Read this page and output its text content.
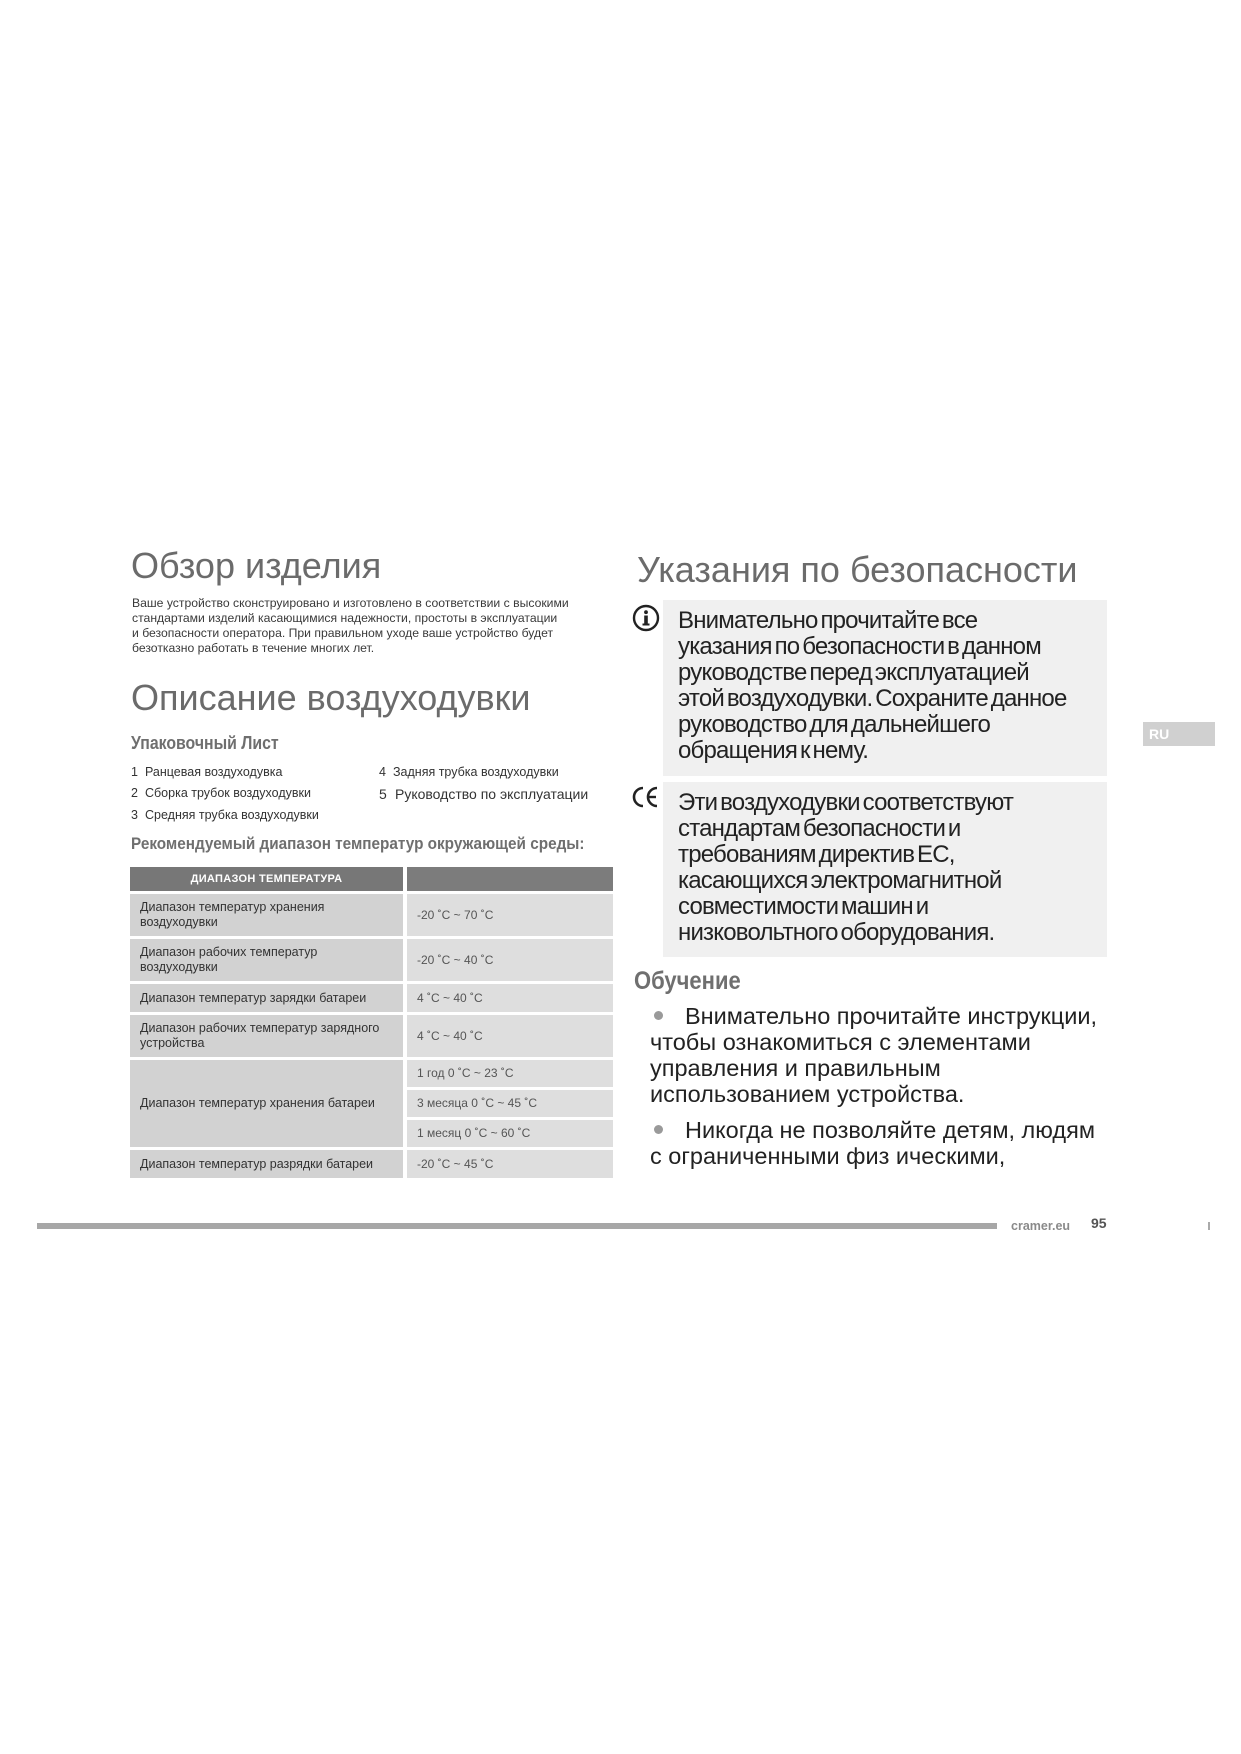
Обзор изделия
Ваше устройство сконструировано и изготовлено в соответствии с высокими
стандартами изделий касающимися надежности, простоты в эксплуатации
и безопасности оператора. При правильном уходе ваше устройство будет
безотказно работать в течение многих лет.
Описание воздуходувки
Упаковочный Лист
1 Ранцевая воздуходувка
2 Сборка трубок воздуходувки
3 Средняя трубка воздуходувки
4 Задняя трубка воздуходувки
5 Руководство по эксплуатации
Рекомендуемый диапазон температур окружающей среды:
ДИАПАЗОН ТЕМПЕРАТУРА	
Диапазон температур хранения
воздуходувки	-20 ˚C ~ 70 ˚C
Диапазон рабочих температур
воздуходувки	-20 ˚C ~ 40 ˚C
Диапазон температур зарядки батареи	4 ˚C ~ 40 ˚C
Диапазон рабочих температур зарядного
устройства	4 ˚C ~ 40 ˚C
Диапазон температур хранения батареи	1 год 0 ˚C ~ 23 ˚C
3 месяца 0 ˚C ~ 45 ˚C
1 месяц 0 ˚C ~ 60 ˚C

Диапазон температур разрядки батареи	-20 ˚C ~ 45 ˚C
Указания по безопасности
Внимательно прочитайте все
указания по безопасности в данном
руководстве перед эксплуатацией
этой воздуходувки. Сохраните данное
руководство для дальнейшего
обращения к нему.
Эти воздуходувки соответствуют
стандартам безопасности и
требованиям директив ЕС,
касающихся электромагнитной
совместимости машин и
низковольтного оборудования.
Обучение
Внимательно прочитайте инструкции,
чтобы ознакомиться с элементами
управления и правильным
использованием устройства.
Никогда не позволяйте детям, людям
с ограниченными физ ическими,
RU
cramer.eu 95
